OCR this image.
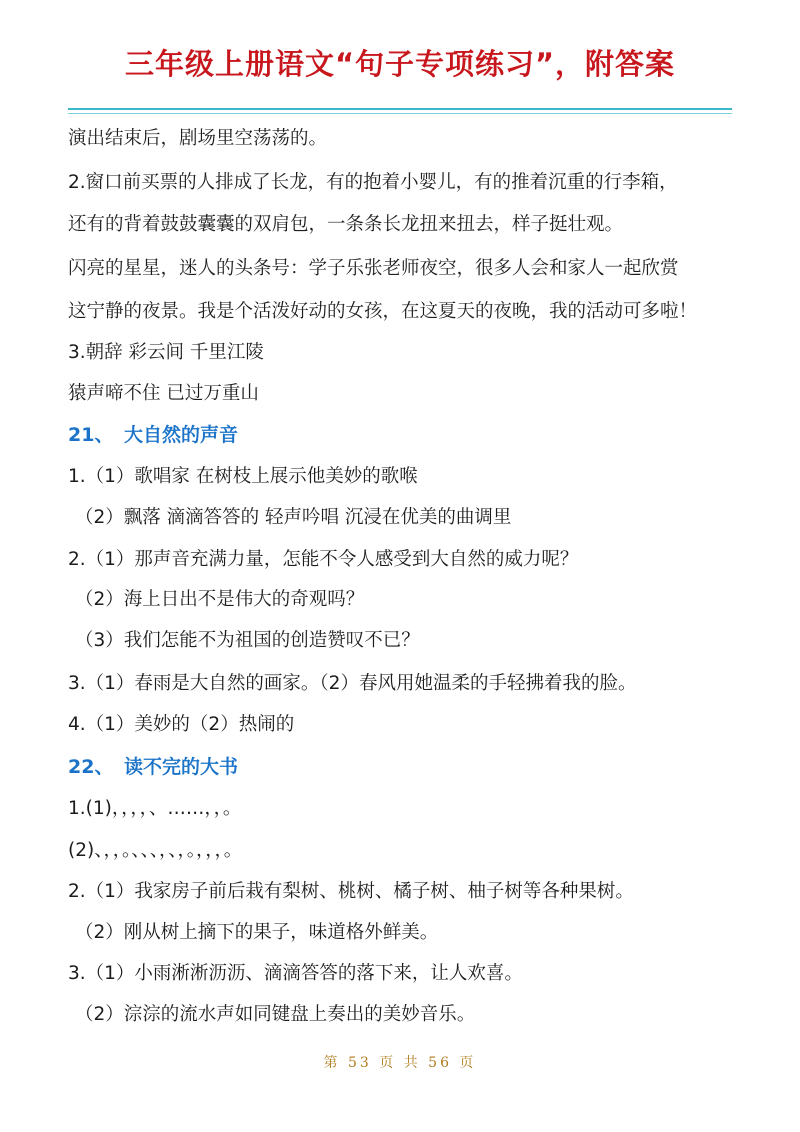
三年级上册语文“句子专项练习”，附答案
演出结束后，剧场里空荡荡的。
2.窗口前买票的人排成了长龙，有的抱着小婴儿，有的推着沉重的行李箱，
还有的背着鼓鼓囊囊的双肩包，一条条长龙扭来扭去，样子挺壮观。
闪亮的星星，迷人的头条号：学子乐张老师夜空，很多人会和家人一起欣赏
这宁静的夜景。我是个活泼好动的女孩，在这夏天的夜晚，我的活动可多啦！
3.朝辞 彩云间 千里江陵
猿声啼不住 已过万重山
21、 大自然的声音
1.（1）歌唱家 在树枝上展示他美妙的歌喉
（2）飘落 滴滴答答的 轻声吟唱 沉浸在优美的曲调里
2.（1）那声音充满力量，怎能不令人感受到大自然的威力呢？
（2）海上日出不是伟大的奇观吗？
（3）我们怎能不为祖国的创造赞叹不已？
3.（1）春雨是大自然的画家。（2）春风用她温柔的手轻拂着我的脸。
4.（1）美妙的（2）热闹的
22、 读不完的大书
1.(1)，，，，、……，，。
(2)、，，。、、、，、，。，，，。
2.（1）我家房子前后栽有梨树、桃树、橘子树、柚子树等各种果树。
（2）刚从树上摘下的果子，味道格外鲜美。
3.（1）小雨淅淅沥沥、滴滴答答的落下来，让人欢喜。
（2）淙淙的流水声如同键盘上奏出的美妙音乐。
第 53 页 共 56 页
